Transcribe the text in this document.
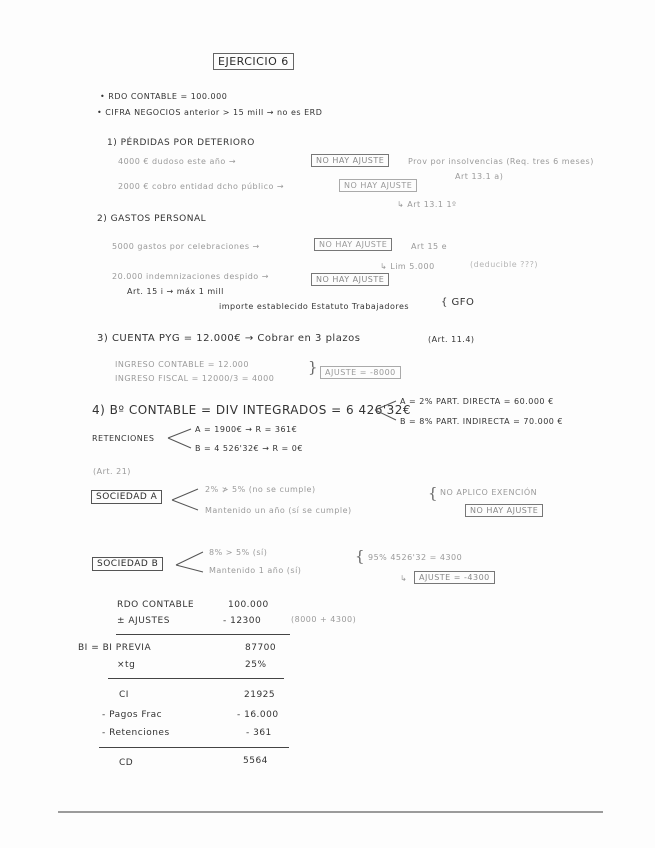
EJERCICIO 6
• RDO CONTABLE = 100.000
• CIFRA NEGOCIOS anterior > 15 mill → no es ERD
1) PÉRDIDAS POR DETERIORO
4000 € dudoso este año →	NO HAY AJUSTE	Prov por insolvencias (Req. tres 6 meses)
Art 13.1 a)
2000 € cobro entidad dcho público →	NO HAY AJUSTE
↳ Art 13.1 1º
2) GASTOS PERSONAL
5000 gastos por celebraciones →	NO HAY AJUSTE	Art 15 e
↳ Lim 5.000	(deducible ???)
20.000 indemnizaciones despido →	NO HAY AJUSTE
Art. 15 i → máx 1 mill
importe establecido Estatuto Trabajadores	{ GFO
3) CUENTA PYG = 12.000€ → Cobrar en 3 plazos	(Art. 11.4)
INGRESO CONTABLE = 12.000
INGRESO FISCAL = 12000/3 = 4000
} AJUSTE = -8000
4) Bº CONTABLE = DIV INTEGRADOS = 6 426'32€
A = 2% PART. DIRECTA = 60.000 €
B = 8% PART. INDIRECTA = 70.000 €
RETENCIONES
A = 1900€ → R = 361€
B = 4 526'32€ → R = 0€
(Art. 21)
SOCIEDAD A
2% ≯ 5% (no se cumple)
Mantenido un año (sí se cumple)
{ NO APLICO EXENCIÓN
NO HAY AJUSTE
SOCIEDAD B
8% > 5% (sí)
Mantenido 1 año (sí)
{ 95% 4526'32 = 4300
↳	AJUSTE = -4300
RDO CONTABLE	100.000
± AJUSTES	- 12300	(8000 + 4300)
BI = BI PREVIA	87700
×tg	25%
CI	21925
- Pagos Frac	- 16.000
- Retenciones	- 361
CD	5564
